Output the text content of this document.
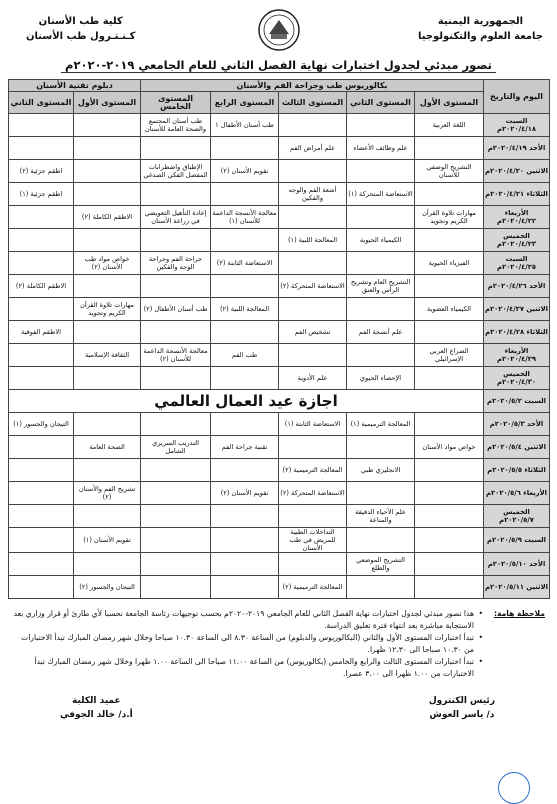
الجمهورية اليمنية
جامعة العلوم والتكنولوجيا
كلية طب الأسنان
كـنـتـرول طب الأسنان
تصور مبدئي لجدول اختبارات نهاية الفصل الثاني للعام الجامعي ٢٠١٩-٢٠٢٠م
اليوم والتاريخ	بكالوريوس طب وجراحة الفم والأسنان					دبلوم تقنية الأسنان	
	المستوى الأول	المستوى الثاني	المستوى الثالث	المستوى الرابع	المستوى الخامس	المستوى الأول	المستوى الثاني
السبت ٢٠٢٠/٤/١٨م	اللغة العربية			طب أسنان الأطفال ١	طب أسنان المجتمع والصحة العامة للأسنان		
الأحد ٢٠٢٠/٤/١٩م		علم وظائف الأعضاء	علم أمراض الفم				
الاثنين ٢٠٢٠/٤/٢٠م	التشريح الوصفي للأسنان			تقويم الأسنان (٢)	الإطباق واضطرابات المفصل الفكي الصدغي		اطقم جزئية (٢)
الثلاثاء ٢٠٢٠/٤/٢١م		الاستعاضة المتحركة (١)	أشعة الفم والوجه والفكين				اطقم جزئية (١)
الأربعاء ٢٠٢٠/٤/٢٢م	مهارات تلاوة القرآن الكريم وتجويد			معالجة الأنسجة الداعمة للأسنان (١)	إعادة التأهيل التعويضي في زراعة الأسنان	الاطقم الكاملة (٢)	
الخميس ٢٠٢٠/٤/٢٣م		الكيمياء الحيوية	المعالجة اللبية (١)				
السبت ٢٠٢٠/٤/٢٥م	الفيزياء الحيوية			الاستعاضة الثابتة (٢)	جراحة الفم وجراحة الوجه والفكين	خواص مواد طب الأسنان (٢)	
الأحد ٢٠٢٠/٤/٢٦م		التشريح العام وتشريح الرأس والعنق	الاستعاضة المتحركة (٢)				الاطقم الكاملة (٢)
الاثنين ٢٠٢٠/٤/٢٧م	الكيمياء العضوية			المعالجة اللبية (٢)	طب أسنان الأطفال (٢)	مهارات تلاوة القرآن الكريم وتجويد	
الثلاثاء ٢٠٢٠/٤/٢٨م		علم أنسجة الفم	تشخيص الفم				الاطقم الفوقية
الأربعاء ٢٠٢٠/٤/٢٩م	الصراع العربي الإسرائيلي			طب الفم	معالجة الأنسجة الداعمة للأسنان (٢)	الثقافة الإسلامية	
الخميس ٢٠٢٠/٤/٣٠م		الإحصاء الحيوي	علم الأدوية				
السبت ٢٠٢٠/٥/٢م	اجازة عيد العمال العالمي						
الأحد ٢٠٢٠/٥/٣م		المعالجة الترميمية (١)	الاستعاضة الثابتة (١)				التيجان والجسور (١)
الاثنين ٢٠٢٠/٥/٤م	خواص مواد الأسنان			تقنية جراحة الفم	التدريب السريري الشامل	الصحة العامة	
الثلاثاء ٢٠٢٠/٥/٥م		الانجليزي طبي	المعالجة الترميمية (٢)				
الأربعاء ٢٠٢٠/٥/٦م			الاستعاضة المتحركة (٢)	تقويم الأسنان (٢)		تشريح الفم والأسنان (٢)	
الخميس ٢٠٢٠/٥/٧م		علم الأحياء الدقيقة والمناعة					
السبت ٢٠٢٠/٥/٩م			التداخلات الطبية للمريض في طب الأسنان			تقويم الأسنان (١)	
الأحد ٢٠٢٠/٥/١٠م		التشريح الموضعي والطلع					
الاثنين ٢٠٢٠/٥/١١م			المعالجة الترميمية (٢)			التيجان والجسور (٢)	
ملاحظة هامة:
• هذا تصور مبدئي لجدول اختبارات نهاية الفصل الثاني للعام الجامعي ٢٠١٩-٢٠٢٠م بحسب توجيهات رئاسة الجامعة نحسبا لأي طارئ أو قرار وزاري بعد الاستجابة مباشرة بعد انتهاء فترة تعليق الدراسة.
• تبدأ اختبارات المستوى الأول والثاني (البكالوريوس والدبلوم) من الساعة ٨.٣٠ الى الساعة ١٠.٣٠ صباحا وخلال شهر رمضان المبارك تبدأ الاختبارات من ١٠.٣٠ صباحا الى ١٢.٣٠ ظهرا.
• تبدأ اختبارات المستوى الثالث والرابع والخامس (بكالوريوس) من الساعة ١١.٠٠ صباحا الى الساعة ١.٠٠ ظهرا وخلال شهر رمضان المبارك تبدأ الاختبارات من ١.٠٠ ظهرا الى ٣.٠٠ عصرا.
رئيس الكنترول
د/ ياسر العوش
عميد الكلية
أ.د/ خالد الجوفي
